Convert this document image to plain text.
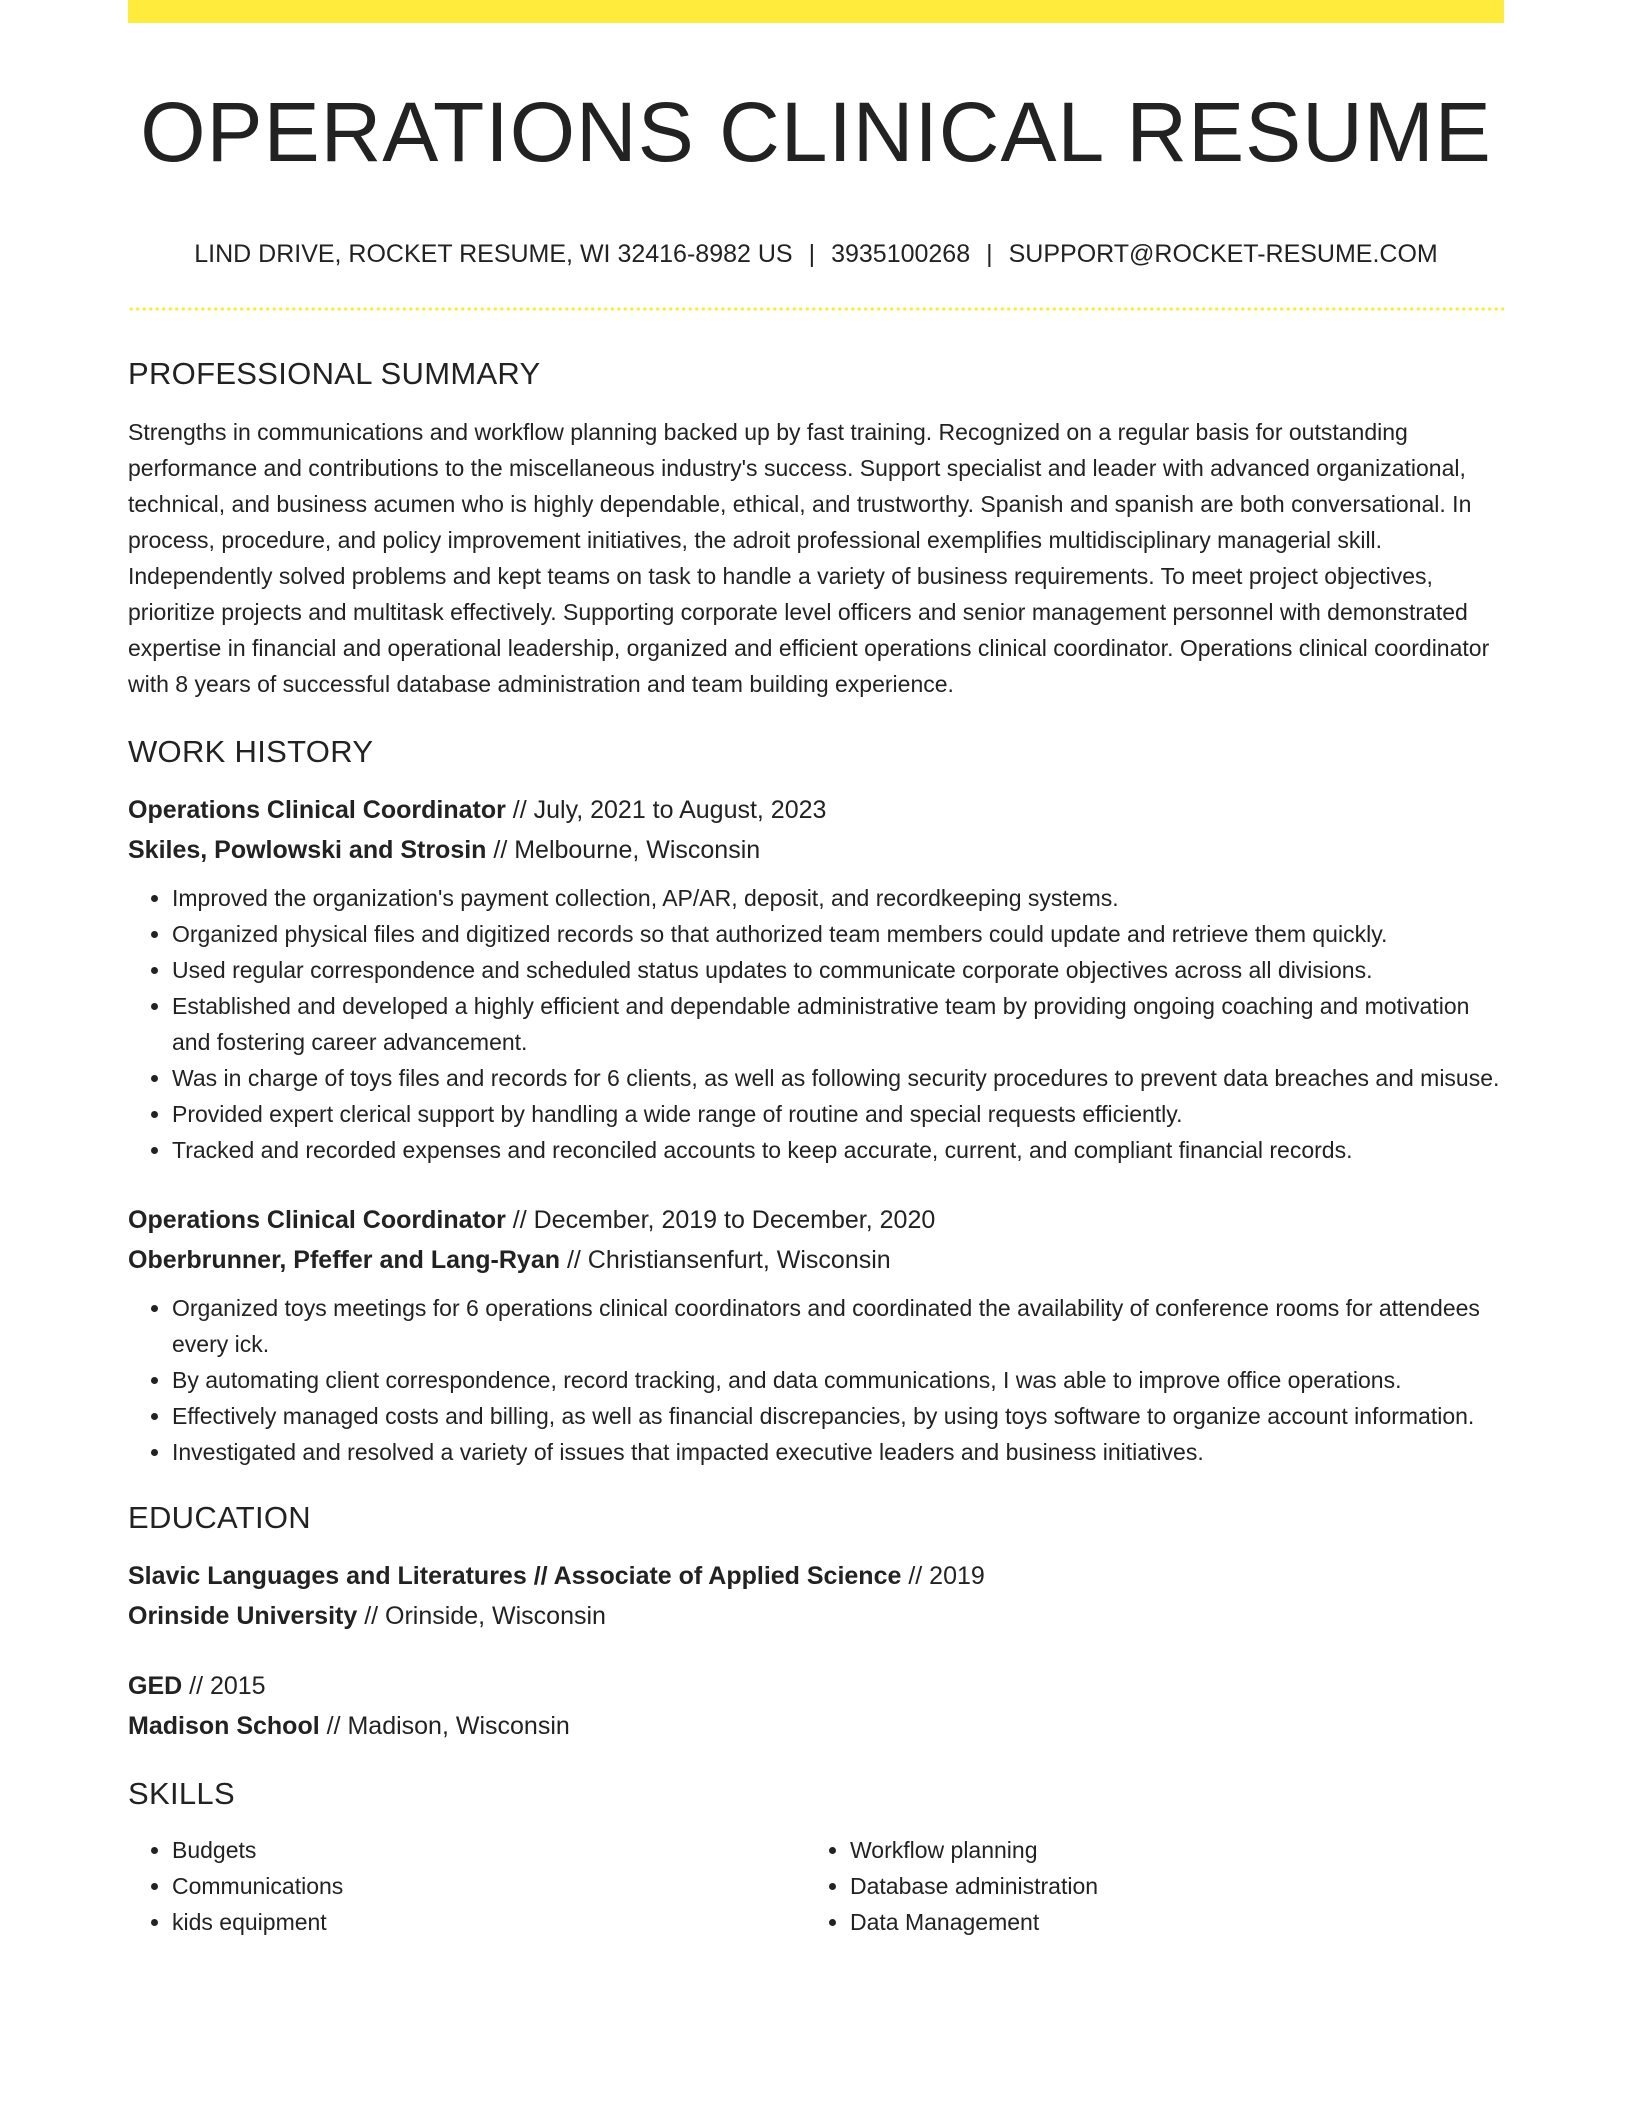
OPERATIONS CLINICAL RESUME
LIND DRIVE, ROCKET RESUME, WI 32416-8982 US | 3935100268 | SUPPORT@ROCKET-RESUME.COM
PROFESSIONAL SUMMARY

Strengths in communications and workflow planning backed up by fast training. Recognized on a regular basis for outstanding performance and contributions to the miscellaneous industry's success. Support specialist and leader with advanced organizational, technical, and business acumen who is highly dependable, ethical, and trustworthy. Spanish and spanish are both conversational. In process, procedure, and policy improvement initiatives, the adroit professional exemplifies multidisciplinary managerial skill. Independently solved problems and kept teams on task to handle a variety of business requirements. To meet project objectives, prioritize projects and multitask effectively. Supporting corporate level officers and senior management personnel with demonstrated expertise in financial and operational leadership, organized and efficient operations clinical coordinator. Operations clinical coordinator with 8 years of successful database administration and team building experience.

WORK HISTORY
Operations Clinical Coordinator // July, 2021 to August, 2023
Skiles, Powlowski and Strosin // Melbourne, Wisconsin
• Improved the organization's payment collection, AP/AR, deposit, and recordkeeping systems.
• Organized physical files and digitized records so that authorized team members could update and retrieve them quickly.
• Used regular correspondence and scheduled status updates to communicate corporate objectives across all divisions.
• Established and developed a highly efficient and dependable administrative team by providing ongoing coaching and motivation and fostering career advancement.
• Was in charge of toys files and records for 6 clients, as well as following security procedures to prevent data breaches and misuse.
• Provided expert clerical support by handling a wide range of routine and special requests efficiently.
• Tracked and recorded expenses and reconciled accounts to keep accurate, current, and compliant financial records.
Operations Clinical Coordinator // December, 2019 to December, 2020
Oberbrunner, Pfeffer and Lang-Ryan // Christiansenfurt, Wisconsin
• Organized toys meetings for 6 operations clinical coordinators and coordinated the availability of conference rooms for attendees every ick.
• By automating client correspondence, record tracking, and data communications, I was able to improve office operations.
• Effectively managed costs and billing, as well as financial discrepancies, by using toys software to organize account information.
• Investigated and resolved a variety of issues that impacted executive leaders and business initiatives.
EDUCATION
Slavic Languages and Literatures // Associate of Applied Science // 2019
Orinside University // Orinside, Wisconsin
GED // 2015
Madison School // Madison, Wisconsin
SKILLS
• Budgets
• Communications
• kids equipment
• Workflow planning
• Database administration
• Data Management
